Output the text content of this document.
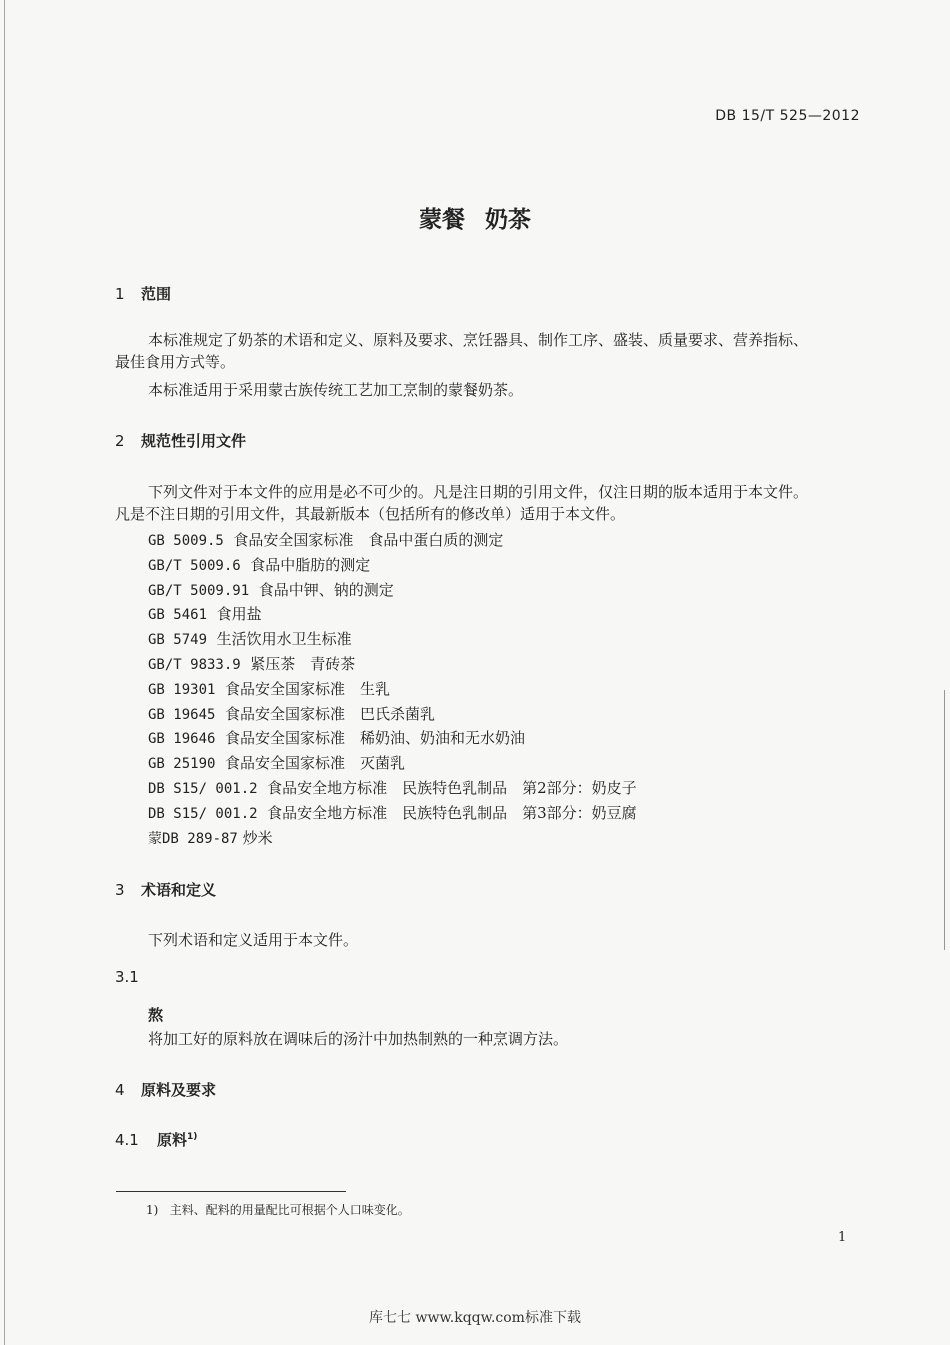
DB 15/T 525—2012
蒙餐 奶茶
1 范围
本标准规定了奶茶的术语和定义、原料及要求、烹饪器具、制作工序、盛装、质量要求、营养指标、
最佳食用方式等。
本标准适用于采用蒙古族传统工艺加工烹制的蒙餐奶茶。
2 规范性引用文件
下列文件对于本文件的应用是必不可少的。凡是注日期的引用文件，仅注日期的版本适用于本文件。
凡是不注日期的引用文件，其最新版本（包括所有的修改单）适用于本文件。
GB 5009.5 食品安全国家标准　食品中蛋白质的测定
GB/T 5009.6 食品中脂肪的测定
GB/T 5009.91 食品中钾、钠的测定
GB 5461 食用盐
GB 5749 生活饮用水卫生标准
GB/T 9833.9 紧压茶　青砖茶
GB 19301 食品安全国家标准　生乳
GB 19645 食品安全国家标准　巴氏杀菌乳
GB 19646 食品安全国家标准　稀奶油、奶油和无水奶油
GB 25190 食品安全国家标准　灭菌乳
DB S15/ 001.2 食品安全地方标准　民族特色乳制品　第2部分：奶皮子
DB S15/ 001.2 食品安全地方标准　民族特色乳制品　第3部分：奶豆腐
蒙DB 289-87 炒米
3 术语和定义
下列术语和定义适用于本文件。
3.1
熬
将加工好的原料放在调味后的汤汁中加热制熟的一种烹调方法。
4 原料及要求
4.1 原料$^{1)}$
1) 主料、配料的用量配比可根据个人口味变化。
1
库七七 www.kqqw.com标准下载
